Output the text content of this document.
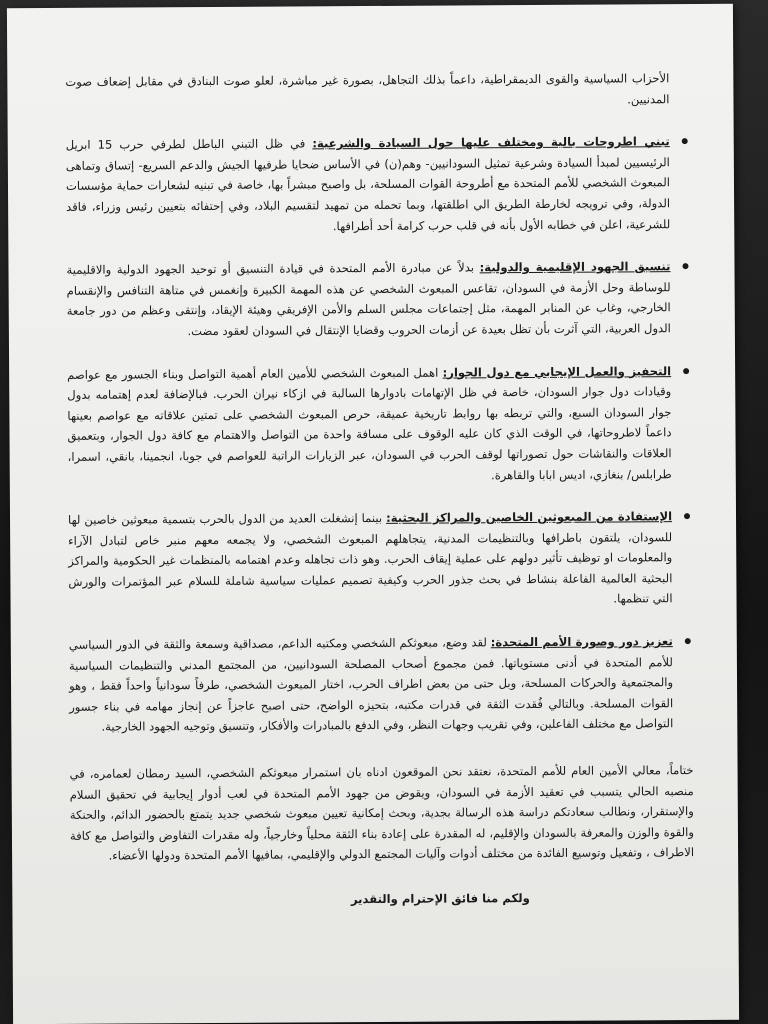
الأحزاب السياسية والقوى الديمقراطية، داعماً بذلك التجاهل، بصورة غير مباشرة، لعلو صوت البنادق في مقابل إضعاف صوت المدنيين.

تبني اطروحات بالية ومختلف عليها حول السيادة والشرعية: في ظل التبني الباطل لطرفي حرب 15 ابريل الرئيسيين لمبدأ السيادة وشرعية تمثيل السودانيين- وهم(ن) في الأساس ضحايا طرفيها الجيش والدعم السريع- إتساق وتماهى المبعوث الشخصي للأمم المتحدة مع أطروحة القوات المسلحة، بل واصبح مبشراً بها، خاصة في تبنيه لشعارات حماية مؤسسات الدولة، وفي ترويجه لخارطة الطريق الي اطلقتها، وبما تحمله من تمهيد لتقسيم البلاد، وفي إحتفائه بتعيين رئيس وزراء، فاقد للشرعية، اعلن في خطابه الأول بأنه في قلب حرب كرامة أحد أطرافها.
تنسيق الجهود الإقليمية والدولية: بدلاً عن مبادرة الأمم المتحدة في قيادة التنسيق أو توحيد الجهود الدولية والاقليمية للوساطة وحل الأزمة في السودان، تقاعس المبعوث الشخصي عن هذه المهمة الكبيرة وإنغمس في متاهة التنافس والإنقسام الخارجي، وغاب عن المنابر المهمة، مثل إجتماعات مجلس السلم والأمن الإفريقي وهيئة الإيقاد، وإنتقى وعظم من دور جامعة الدول العربية، التي آثرت بأن تظل بعيدة عن أزمات الحروب وقضايا الإنتقال في السودان لعقود مضت.
التحفيز والعمل الإيجابي مع دول الجوار: اهمل المبعوث الشخصي للأمين العام أهمية التواصل وبناء الجسور مع عواصم وقيادات دول جوار السودان، خاصة في ظل الإتهامات بادوارها السالبة في ازكاء نيران الحرب. فبالإضافة لعدم إهتمامه بدول جوار السودان السبع، والتي تربطه بها روابط تاريخية عميقة، حرص المبعوث الشخصي على تمتين علاقاته مع عواصم بعينها داعماً لاطروحاتها، في الوقت الذي كان عليه الوقوف على مسافة واحدة من التواصل والاهتمام مع كافة دول الجوار، وبتعميق العلاقات والنقاشات حول تصوراتها لوقف الحرب في السودان، عبر الزيارات الراتبة للعواصم في جوبا، انجمينا، بانقي، اسمرا، طرابلس/ بنغازي، اديس ابابا والقاهرة.
الإستفادة من المبعوثين الخاصين والمراكز البحثية: بينما إنشغلت العديد من الدول بالحرب بتسمية مبعوثين خاصين لها للسودان، يلتقون باطرافها وبالتنظيمات المدنية، يتجاهلهم المبعوث الشخصي، ولا يجمعه معهم منبر خاص لتبادل الآراء والمعلومات او توظيف تأثير دولهم على عملية إيقاف الحرب. وهو ذات تجاهله وعدم اهتمامه بالمنظمات غير الحكومية والمراكز البحثية العالمية الفاعلة بنشاط في بحث جذور الحرب وكيفية تصميم عمليات سياسية شاملة للسلام عبر المؤتمرات والورش التي تنظمها.
تعزيز دور وصورة الأمم المتحدة: لقد وضع، مبعوثكم الشخصي ومكتبه الداعم، مصداقية وسمعة والثقة في الدور السياسي للأمم المتحدة في أدنى مستوياتها. فمن مجموع أصحاب المصلحة السودانيين، من المجتمع المدني والتنظيمات السياسية والمجتمعية والحركات المسلحة، وبل حتى من بعض اطراف الحرب، اختار المبعوث الشخصي، طرفاً سودانياً واحداً فقط ، وهو القوات المسلحة. وبالتالي فُقدت الثقة في قدرات مكتبه، بتحيزه الواضح، حتى اصبح عاجزاً عن إنجاز مهامه في بناء جسور التواصل مع مختلف الفاعلين، وفي تقريب وجهات النظر، وفي الدفع بالمبادرات والأفكار، وتنسيق وتوجيه الجهود الخارجية.

ختاماً، معالي الأمين العام للأمم المتحدة، نعتقد نحن الموقعون ادناه بان استمرار مبعوثكم الشخصي، السيد رمطان لعمامره، في منصبه الحالي يتسبب في تعقيد الأزمة في السودان، ويقوض من جهود الأمم المتحدة في لعب أدوار إيجابية في تحقيق السلام والإستقرار، ونطالب سعادتكم دراسة هذه الرسالة بجدية، وبحث إمكانية تعيين مبعوث شخصي جديد يتمتع بالحضور الدائم، والحنكة والقوة والوزن والمعرفة بالسودان والإقليم، له المقدرة على إعادة بناء الثقة محلياً وخارجياً، وله مقدرات التفاوض والتواصل مع كافة الاطراف ، وتفعيل وتوسيع الفائدة من مختلف أدوات وآليات المجتمع الدولي والإقليمي، بمافيها الأمم المتحدة ودولها الأعضاء.

ولكم منا فائق الإحترام والتقدير
